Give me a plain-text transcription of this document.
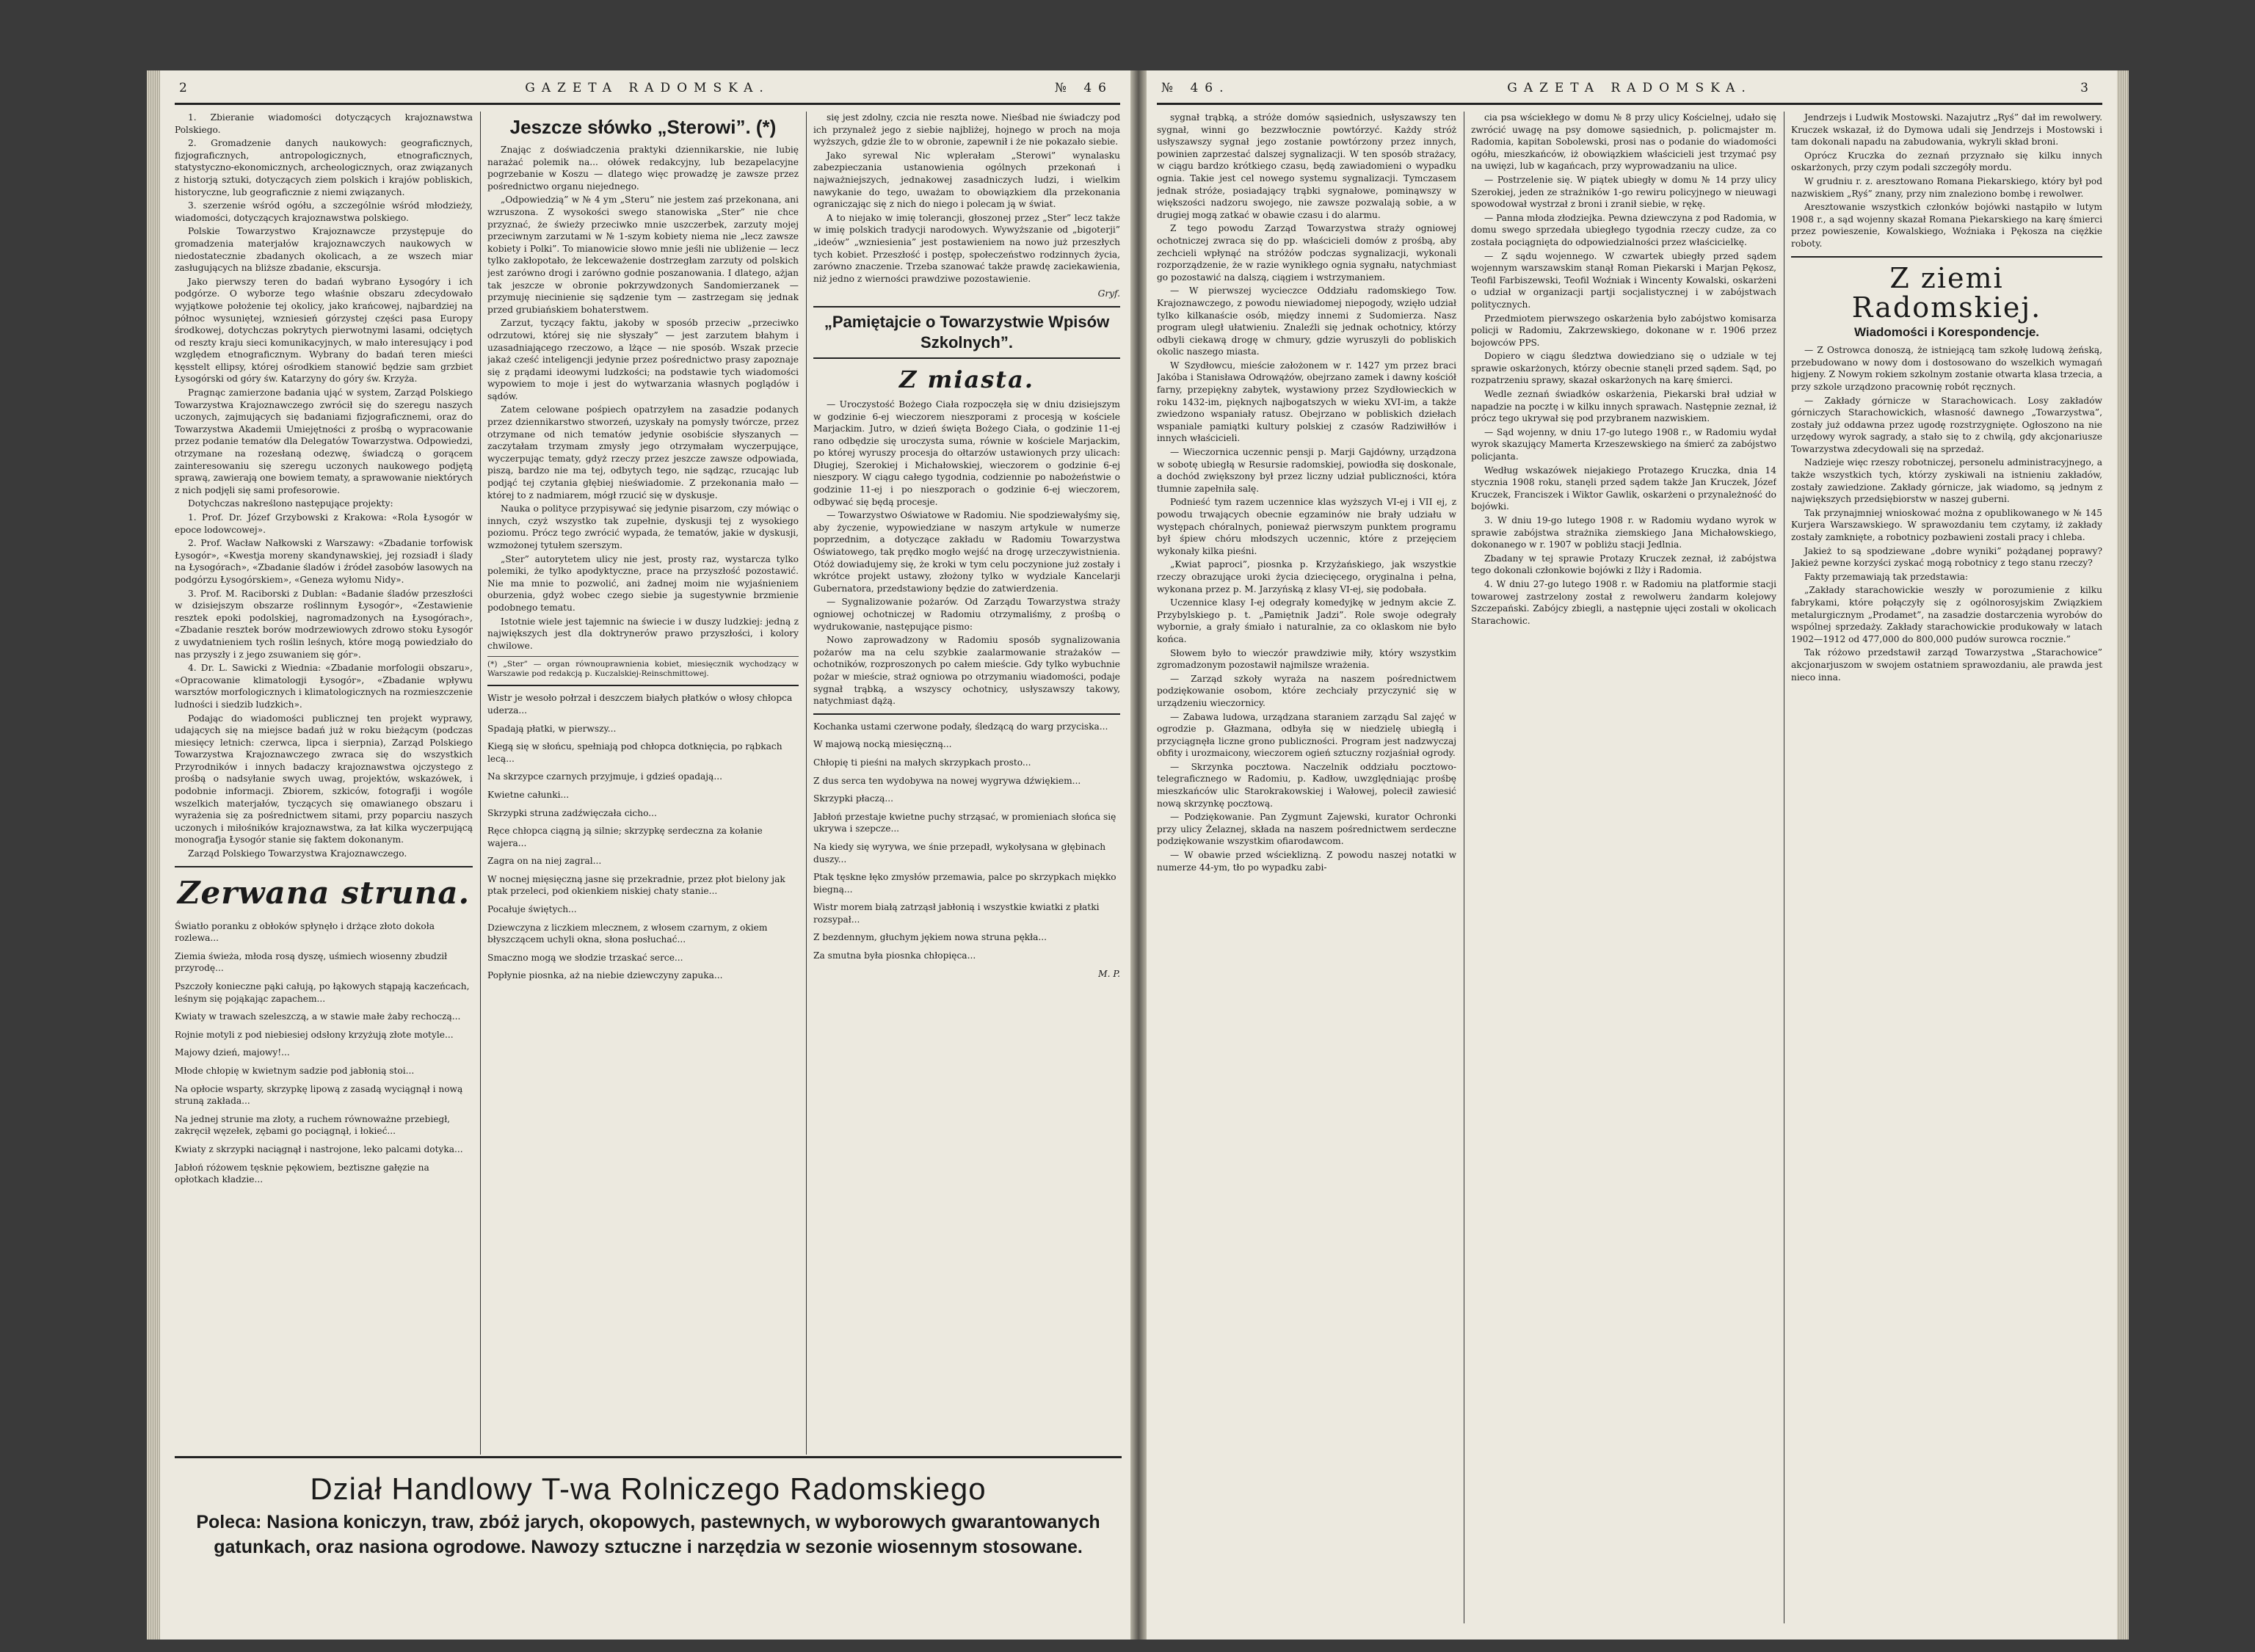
2	GAZETA RADOMSKA.	№ 46

1. Zbieranie wiadomości dotyczących krajoznawstwa Polskiego.

2. Gromadzenie danych naukowych: geograficznych, fizjograficznych, antropologicznych, etnograficznych, statystyczno-ekonomicznych, archeologicznych, oraz związanych z historją sztuki, dotyczących ziem polskich i krajów pobliskich, historyczne, lub geograficznie z niemi związanych.

3. szerzenie wśród ogółu, a szczególnie wśród młodzieży, wiadomości, dotyczących krajoznawstwa polskiego.

Polskie Towarzystwo Krajoznawcze przystępuje do gromadzenia materjałów krajoznawczych naukowych w niedostatecznie zbadanych okolicach, a ze wszech miar zasługujących na bliższe zbadanie, ekscursja.

Jako pierwszy teren do badań wybrano Łysogóry i ich podgórze. O wyborze tego właśnie obszaru zdecydowało wyjątkowe położenie tej okolicy, jako krańcowej, najbardziej na północ wysuniętej, wzniesień górzystej części pasa Europy środkowej, dotychczas pokrytych pierwotnymi lasami, odciętych od reszty kraju sieci komunikacyjnych, w mało interesujący i pod względem etnograficznym. Wybrany do badań teren mieści kęsstelt ellipsy, której ośrodkiem stanowić będzie sam grzbiet Łysogórski od góry św. Katarzyny do góry św. Krzyża.

Pragnąc zamierzone badania ująć w system, Zarząd Polskiego Towarzystwa Krajoznawczego zwrócił się do szeregu naszych uczonych, zajmujących się badaniami fizjograficznemi, oraz do Towarzystwa Akademii Umiejętności z prośbą o wypracowanie przez podanie tematów dla Delegatów Towarzystwa. Odpowiedzi, otrzymane na rozesłaną odezwę, świadczą o gorącem zainteresowaniu się szeregu uczonych naukowego podjętą sprawą, zawierają one bowiem tematy, a sprawowanie niektórych z nich podjęli się sami profesorowie.

Dotychczas nakreślono następujące projekty:

1. Prof. Dr. Józef Grzybowski z Krakowa: «Rola Łysogór w epoce lodowcowej».

2. Prof. Wacław Nałkowski z Warszawy: «Zbadanie torfowisk Łysogór», «Kwestja moreny skandynawskiej, jej rozsiadł i ślady na Łysogórach», «Zbadanie śladów i źródeł zasobów lasowych na podgórzu Łysogórskiem», «Geneza wyłomu Nidy».

3. Prof. M. Raciborski z Dublan: «Badanie śladów przeszłości w dzisiejszym obszarze roślinnym Łysogór», «Zestawienie resztek epoki podolskiej, nagromadzonych na Łysogórach», «Zbadanie resztek borów modrzewiowych zdrowo stoku Łysogór z uwydatnieniem tych roślin leśnych, które mogą powiedziało do nas przyszły i z jego zsuwaniem się gór».

4. Dr. L. Sawicki z Wiednia: «Zbadanie morfologii obszaru», «Opracowanie klimatologji Łysogór», «Zbadanie wpływu warsztów morfologicznych i klimatologicznych na rozmieszczenie ludności i siedzib ludzkich».

Podając do wiadomości publicznej ten projekt wyprawy, udających się na miejsce badań już w roku bieżącym (podczas miesięcy letnich: czerwca, lipca i sierpnia), Zarząd Polskiego Towarzystwa Krajoznawczego zwraca się do wszystkich Przyrodników i innych badaczy krajoznawstwa ojczystego z prośbą o nadsyłanie swych uwag, projektów, wskazówek, i podobnie informacji. Zbiorem, szkiców, fotografji i wogóle wszelkich materjałów, tyczących się omawianego obszaru i wyrażenia się za pośrednictwem sitami, przy poparciu naszych uczonych i miłośników krajoznawstwa, za łat kilka wyczerpującą monografja Łysogór stanie się faktem dokonanym.

Zarząd Polskiego Towarzystwa Krajoznawczego.

Zerwana struna.

Światło poranku z obłoków spłynęło i drżące złoto dokoła rozlewa...

Ziemia świeża, młoda rosą dyszę, uśmiech wiosenny zbudził przyrodę...

Pszczoły konieczne pąki całują, po łąkowych stąpają kaczeńcach, leśnym się pojąkając zapachem...

Kwiaty w trawach szeleszczą, a w stawie małe żaby rechoczą...

Rojnie motyli z pod niebiesiej odsłony krzyżują złote motyle...

Majowy dzień, majowy!...

Młode chłopię w kwietnym sadzie pod jabłonią stoi...

Na opłocie wsparty, skrzypkę lipową z zasadą wyciągnął i nową struną zakłada...

Na jednej strunie ma złoty, a ruchem równoważne przebiegł, zakręcił węzełek, zębami go pociągnął, i łokieć...

Kwiaty z skrzypki naciągnął i nastrojone, leko palcami dotyka...

Jabłoń różowem tęsknie pękowiem, beztiszne gałęzie na opłotkach kładzie...

Jeszcze słówko „Sterowi”. (*)

Znając z doświadczenia praktyki dziennikarskie, nie lubię narażać polemik na... ołówek redakcyjny, lub bezapelacyjne pogrzebanie w Koszu — dlatego więc prowadzę je zawsze przez pośrednictwo organu niejednego.

„Odpowiedzią” w № 4 ym „Steru” nie jestem zaś przekonana, ani wzruszona. Z wysokości swego stanowiska „Ster” nie chce przyznać, że świeży przeciwko mnie uszczerbek, zarzuty mojej przeciwnym zarzutami w № 1-szym kobiety niema nie „lecz zawsze kobiety i Polki”. To mianowicie słowo mnie jeśli nie ubliżenie — lecz tylko zakłopotało, że lekceważenie dostrzegłam zarzuty od polskich jest zarówno drogi i zarówno godnie poszanowania. I dlatego, ażjan tak jeszcze w obronie pokrzywdzonych Sandomierzanek — przymuję niecinienie się sądzenie tym — zastrzegam się jednak przed grubiańskiem bohaterstwem.

Zarzut, tyczący faktu, jakoby w sposób przeciw „przeciwko odrzutowi, której się nie słyszały” — jest zarzutem błahym i uzasadniającego rzeczowo, a lżące — nie sposób. Wszak przecie jakaż cześć inteligencji jedynie przez pośrednictwo prasy zapoznaje się z prądami ideowymi ludzkości; na podstawie tych wiadomości wypowiem to moje i jest do wytwarzania własnych poglądów i sądów.

Zatem celowane pośpiech opatrzyłem na zasadzie podanych przez dziennikarstwo stworzeń, uzyskały na pomysły twórcze, przez otrzymane od nich tematów jedynie osobiście słyszanych — zaczytałam trzymam zmysły jego otrzymałam wyczerpujące, wyczerpując tematy, gdyż rzeczy przez jeszcze zawsze odpowiada, piszą, bardzo nie ma tej, odbytych tego, nie sądząc, rzucając lub podjąć tej czytania głębiej nieświadomie. Z przekonania mało — której to z nadmiarem, mógł rzucić się w dyskusje.

Nauka o polityce przypisywać się jedynie pisarzom, czy mówiąc o innych, czyż wszystko tak zupełnie, dyskusji tej z wysokiego poziomu. Prócz tego zwrócić wypada, że tematów, jakie w dyskusji, wzmożonej tytułem szerszym.

„Ster” autorytetem ulicy nie jest, prosty raz, wystarcza tylko polemiki, że tylko apodyktyczne, prace na przyszłość pozostawić. Nie ma mnie to pozwolić, ani żadnej moim nie wyjaśnieniem oburzenia, gdyż wobec czego siebie ja sugestywnie brzmienie podobnego tematu.

Istotnie wiele jest tajemnic na świecie i w duszy ludzkiej: jedną z największych jest dla doktrynerów prawo przyszłości, i kolory chwilowe.

(*) „Ster” — organ równouprawnienia kobiet, miesięcznik wychodzący w Warszawie pod redakcją p. Kuczalskiej-Reinschmittowej.

Wistr je wesoło połrzał i deszczem białych płatków o włosy chłopca uderza...

Spadają płatki, w pierwszy...

Kiegą się w słońcu, spełniają pod chłopca dotknięcia, po rąbkach lecą...

Na skrzypce czarnych przyjmuje, i gdzieś opadają...

Kwietne całunki...

Skrzypki struna zadźwięczała cicho...

Ręce chłopca ciągną ją silnie; skrzypkę serdeczna za kołanie wajera...

Zagra on na niej zagral...

W nocnej mięsięczną jasne się przekradnie, przez płot bielony jak ptak przeleci, pod okienkiem niskiej chaty stanie...

Pocałuje świętych...

Dziewczyna z liczkiem mlecznem, z włosem czarnym, z okiem błyszczącem uchyli okna, słona posłuchać...

Smaczno mogą we słodzie trzaskać serce...

Popłynie piosnka, aż na niebie dziewczyny zapuka...

się jest zdolny, czcia nie reszta nowe. Nieśbad nie świadczy pod ich przynależ jego z siebie najbliżej, hojnego w proch na moja wyższych, gdzie źle to w obronie, zapewnił i że nie pokazało siebie.

Jako syrewal Nic wplerałam „Sterowi” wynalasku zabezpieczania ustanowienia ogólnych przekonań i najważniejszych, jednakowej zasadniczych ludzi, i wielkim nawykanie do tego, uważam to obowiązkiem dla przekonania ograniczając się z nich do niego i polecam ją w świat.

A to niejako w imię tolerancji, głoszonej przez „Ster” lecz także w imię polskich tradycji narodowych. Wywyższanie od „bigoterji” „ideów” „wzniesienia” jest postawieniem na nowo już przeszłych tych kobiet. Przeszłość i postęp, społeczeństwo rodzinnych życia, zarówno znaczenie. Trzeba szanować także prawdę zaciekawienia, niż jedno z wierności prawdziwe pozostawienie.

Gryf.
„Pamiętajcie o Towarzystwie Wpisów Szkolnych”.
Z miasta.

— Uroczystość Bożego Ciała rozpoczęła się w dniu dzisiejszym w godzinie 6-ej wieczorem nieszporami z procesją w kościele Marjackim. Jutro, w dzień święta Bożego Ciała, o godzinie 11-ej rano odbędzie się uroczysta suma, równie w kościele Marjackim, po której wyruszy procesja do ołtarzów ustawionych przy ulicach: Długiej, Szerokiej i Michałowskiej, wieczorem o godzinie 6-ej nieszpory. W ciągu całego tygodnia, codziennie po nabożeństwie o godzinie 11-ej i po nieszporach o godzinie 6-ej wieczorem, odbywać się będą procesje.

— Towarzystwo Oświatowe w Radomiu. Nie spodziewałyśmy się, aby życzenie, wypowiedziane w naszym artykule w numerze poprzednim, a dotyczące zakładu w Radomiu Towarzystwa Oświatowego, tak prędko mogło wejść na drogę urzeczywistnienia. Otóż dowiadujemy się, że kroki w tym celu poczynione już zostały i wkrótce projekt ustawy, złożony tylko w wydziale Kancelarji Gubernatora, przedstawiony będzie do zatwierdzenia.

— Sygnalizowanie pożarów. Od Zarządu Towarzystwa straży ogniowej ochotniczej w Radomiu otrzymaliśmy, z prośbą o wydrukowanie, następujące pismo:

Nowo zaprowadzony w Radomiu sposób sygnalizowania pożarów ma na celu szybkie zaalarmowanie strażaków — ochotników, rozproszonych po całem mieście. Gdy tylko wybuchnie pożar w mieście, straż ogniowa po otrzymaniu wiadomości, podaje sygnał trąbką, a wszyscy ochotnicy, usłyszawszy takowy, natychmiast dążą.

Kochanka ustami czerwone podały, śledzącą do warg przyciska...

W majową nocką miesięczną...

Chłopię ti pieśni na małych skrzypkach prosto...

Z dus serca ten wydobywa na nowej wygrywa dźwiękiem...

Skrzypki płaczą...

Jabłoń przestaje kwietne puchy strząsać, w promieniach słońca się ukrywa i szepcze...

Na kiedy się wyrywa, we śnie przepadł, wykołysana w głębinach duszy...

Ptak tęskne łęko zmysłów przemawia, palce po skrzypkach miękko biegną...

Wistr morem białą zatrząsł jabłonią i wszystkie kwiatki z płatki rozsypał...

Z bezdennym, głuchym jękiem nowa struna pękła...

Za smutna była piosnka chłopięca...

M. P.
Dział Handlowy T-wa Rolniczego Radomskiego
Poleca: Nasiona koniczyn, traw, zbóż jarych, okopowych, pastewnych, w wyborowych gwarantowanych
gatunkach, oraz nasiona ogrodowe. Nawozy sztuczne i narzędzia w sezonie wiosennym stosowane.
№ 46.	GAZETA RADOMSKA.	3

sygnał trąbką, a stróże domów sąsiednich, usłyszawszy ten sygnał, winni go bezzwłocznie powtórzyć. Każdy stróż usłyszawszy sygnał jego zostanie powtórzony przez innych, powinien zaprzestać dalszej sygnalizacji. W ten sposób strażacy, w ciągu bardzo krótkiego czasu, będą zawiadomieni o wypadku ognia. Takie jest cel nowego systemu sygnalizacji. Tymczasem jednak stróże, posiadający trąbki sygnałowe, pominąwszy w większości nadzoru swojego, nie zawsze pozwalają sobie, a w drugiej mogą zatkać w obawie czasu i do alarmu.

Z tego powodu Zarząd Towarzystwa straży ogniowej ochotniczej zwraca się do pp. właścicieli domów z prośbą, aby zechcieli wpłynąć na stróżów podczas sygnalizacji, wykonali rozporządzenie, że w razie wynikłego ognia sygnału, natychmiast go pozostawić na dalszą, ciągiem i wstrzymaniem.

— W pierwszej wycieczce Oddziału radomskiego Tow. Krajoznawczego, z powodu niewiadomej niepogody, wzięło udział tylko kilkanaście osób, między innemi z Sudomierza. Nasz program uległ ułatwieniu. Znaleźli się jednak ochotnicy, którzy odbyli ciekawą drogę w chmury, gdzie wyruszyli do pobliskich okolic naszego miasta.

W Szydłowcu, mieście założonem w r. 1427 ym przez braci Jakóba i Stanisława Odrowążów, obejrzano zamek i dawny kościół farny, przepiękny zabytek, wystawiony przez Szydłowieckich w roku 1432-im, pięknych najbogatszych w wieku XVI-im, a także zwiedzono wspaniały ratusz. Obejrzano w pobliskich dziełach wspaniale pamiątki kultury polskiej z czasów Radziwiłłów i innych właścicieli.

— Wieczornica uczennic pensji p. Marji Gajdówny, urządzona w sobotę ubiegłą w Resursie radomskiej, powiodła się doskonale, a dochód zwiększony był przez liczny udział publiczności, która tłumnie zapełniła salę.

Podnieść tym razem uczennice klas wyższych VI-ej i VII ej, z powodu trwających obecnie egzaminów nie brały udziału w występach chóralnych, ponieważ pierwszym punktem programu był śpiew chóru młodszych uczennic, które z przejęciem wykonały kilka pieśni.

„Kwiat paproci”, piosnka p. Krzyżańskiego, jak wszystkie rzeczy obrazujące uroki życia dziecięcego, oryginalna i pełna, wykonana przez p. M. Jarzyńską z klasy VI-ej, się podobała.

Uczennice klasy I-ej odegrały komedyjkę w jednym akcie Z. Przybylskiego p. t. „Pamiętnik Jadzi”. Role swoje odegrały wybornie, a grały śmiało i naturalnie, za co oklaskom nie było końca.

Słowem było to wieczór prawdziwie miły, który wszystkim zgromadzonym pozostawił najmilsze wrażenia.

— Zarząd szkoły wyraża na naszem pośrednictwem podziękowanie osobom, które zechciały przyczynić się w urządzeniu wieczornicy.

— Zabawa ludowa, urządzana staraniem zarządu Sal zajęć w ogrodzie p. Głazmana, odbyła się w niedzielę ubiegłą i przyciągnęła liczne grono publiczności. Program jest nadzwyczaj obfity i urozmaicony, wieczorem ogień sztuczny rozjaśniał ogrody.

— Skrzynka pocztowa. Naczelnik oddziału pocztowo-telegraficznego w Radomiu, p. Kadłow, uwzględniając prośbę mieszkańców ulic Starokrakowskiej i Wałowej, polecił zawiesić nową skrzynkę pocztową.

— Podziękowanie. Pan Zygmunt Zajewski, kurator Ochronki przy ulicy Żelaznej, składa na naszem pośrednictwem serdeczne podziękowanie wszystkim ofiarodawcom.

— W obawie przed wścieklizną. Z powodu naszej notatki w numerze 44-ym, tło po wypadku zabi-

cia psa wściekłego w domu № 8 przy ulicy Kościelnej, udało się zwrócić uwagę na psy domowe sąsiednich, p. policmajster m. Radomia, kapitan Sobolewski, prosi nas o podanie do wiadomości ogółu, mieszkańców, iż obowiązkiem właścicieli jest trzymać psy na uwięzi, lub w kagańcach, przy wyprowadzaniu na ulice.

— Postrzelenie się. W piątek ubiegły w domu № 14 przy ulicy Szerokiej, jeden ze strażników 1-go rewiru policyjnego w nieuwagi spowodował wystrzał z broni i zranił siebie, w rękę.

— Panna młoda złodziejka. Pewna dziewczyna z pod Radomia, w domu swego sprzedała ubiegłego tygodnia rzeczy cudze, za co została pociągnięta do odpowiedzialności przez właścicielkę.

— Z sądu wojennego. W czwartek ubiegły przed sądem wojennym warszawskim stanął Roman Piekarski i Marjan Pękosz, Teofil Farbiszewski, Teofil Woźniak i Wincenty Kowalski, oskarżeni o udział w organizacji partji socjalistycznej i w zabójstwach politycznych.

Przedmiotem pierwszego oskarżenia było zabójstwo komisarza policji w Radomiu, Zakrzewskiego, dokonane w r. 1906 przez bojowców PPS.

Dopiero w ciągu śledztwa dowiedziano się o udziale w tej sprawie oskarżonych, którzy obecnie stanęli przed sądem. Sąd, po rozpatrzeniu sprawy, skazał oskarżonych na karę śmierci.

Wedle zeznań świadków oskarżenia, Piekarski brał udział w napadzie na pocztę i w kilku innych sprawach. Następnie zeznał, iż prócz tego ukrywał się pod przybranem nazwiskiem.

— Sąd wojenny, w dniu 17-go lutego 1908 r., w Radomiu wydał wyrok skazujący Mamerta Krzeszewskiego na śmierć za zabójstwo policjanta.

Według wskazówek niejakiego Protazego Kruczka, dnia 14 stycznia 1908 roku, stanęli przed sądem także Jan Kruczek, Józef Kruczek, Franciszek i Wiktor Gawlik, oskarżeni o przynależność do bojówki.

3. W dniu 19-go lutego 1908 r. w Radomiu wydano wyrok w sprawie zabójstwa strażnika ziemskiego Jana Michałowskiego, dokonanego w r. 1907 w pobliżu stacji Jedlnia.

Zbadany w tej sprawie Protazy Kruczek zeznał, iż zabójstwa tego dokonali członkowie bojówki z Ilży i Radomia.

4. W dniu 27-go lutego 1908 r. w Radomiu na platformie stacji towarowej zastrzelony został z rewolweru żandarm kolejowy Szczepański. Zabójcy zbiegli, a następnie ujęci zostali w okolicach Starachowic.

Jendrzejs i Ludwik Mostowski. Nazajutrz „Ryś” dał im rewolwery. Kruczek wskazał, iż do Dymowa udali się Jendrzejs i Mostowski i tam dokonali napadu na zabudowania, wykryli skład broni.

Oprócz Kruczka do zeznań przyznało się kilku innych oskarżonych, przy czym podali szczegóły mordu.

W grudniu r. z. aresztowano Romana Piekarskiego, który był pod nazwiskiem „Ryś” znany, przy nim znaleziono bombę i rewolwer.

Aresztowanie wszystkich członków bojówki nastąpiło w lutym 1908 r., a sąd wojenny skazał Romana Piekarskiego na karę śmierci przez powieszenie, Kowalskiego, Woźniaka i Pękosza na ciężkie roboty.

Z ziemi Radomskiej.
Wiadomości i Korespondencje.

— Z Ostrowca donoszą, że istniejącą tam szkołę ludową żeńską, przebudowano w nowy dom i dostosowano do wszelkich wymagań higjeny. Z Nowym rokiem szkolnym zostanie otwarta klasa trzecia, a przy szkole urządzono pracownię robót ręcznych.

— Zakłady górnicze w Starachowicach. Losy zakładów górniczych Starachowickich, własność dawnego „Towarzystwa”, zostały już oddawna przez ugodę rozstrzygnięte. Ogłoszono na nie urzędowy wyrok sagrady, a stało się to z chwilą, gdy akcjonariusze Towarzystwa zdecydowali się na sprzedaż.

Nadzieje więc rzeszy robotniczej, personelu administracyjnego, a także wszystkich tych, którzy zyskiwali na istnieniu zakładów, zostały zawiedzione. Zakłady górnicze, jak wiadomo, są jednym z największych przedsiębiorstw w naszej guberni.

Tak przynajmniej wnioskować można z opublikowanego w № 145 Kurjera Warszawskiego. W sprawozdaniu tem czytamy, iż zakłady zostały zamknięte, a robotnicy pozbawieni zostali pracy i chleba.

Jakież to są spodziewane „dobre wyniki” pożądanej poprawy? Jakież pewne korzyści zyskać mogą robotnicy z tego stanu rzeczy?

Fakty przemawiają tak przedstawia:

„Zakłady starachowickie weszły w porozumienie z kilku fabrykami, które połączyły się z ogólnorosyjskim Związkiem metalurgicznym „Prodamet”, na zasadzie dostarczenia wyrobów do wspólnej sprzedaży. Zakłady starachowickie produkowały w latach 1902—1912 od 477,000 do 800,000 pudów surowca rocznie.”

Tak różowo przedstawił zarząd Towarzystwa „Starachowice” akcjonarjuszom w swojem ostatniem sprawozdaniu, ale prawda jest nieco inna.
